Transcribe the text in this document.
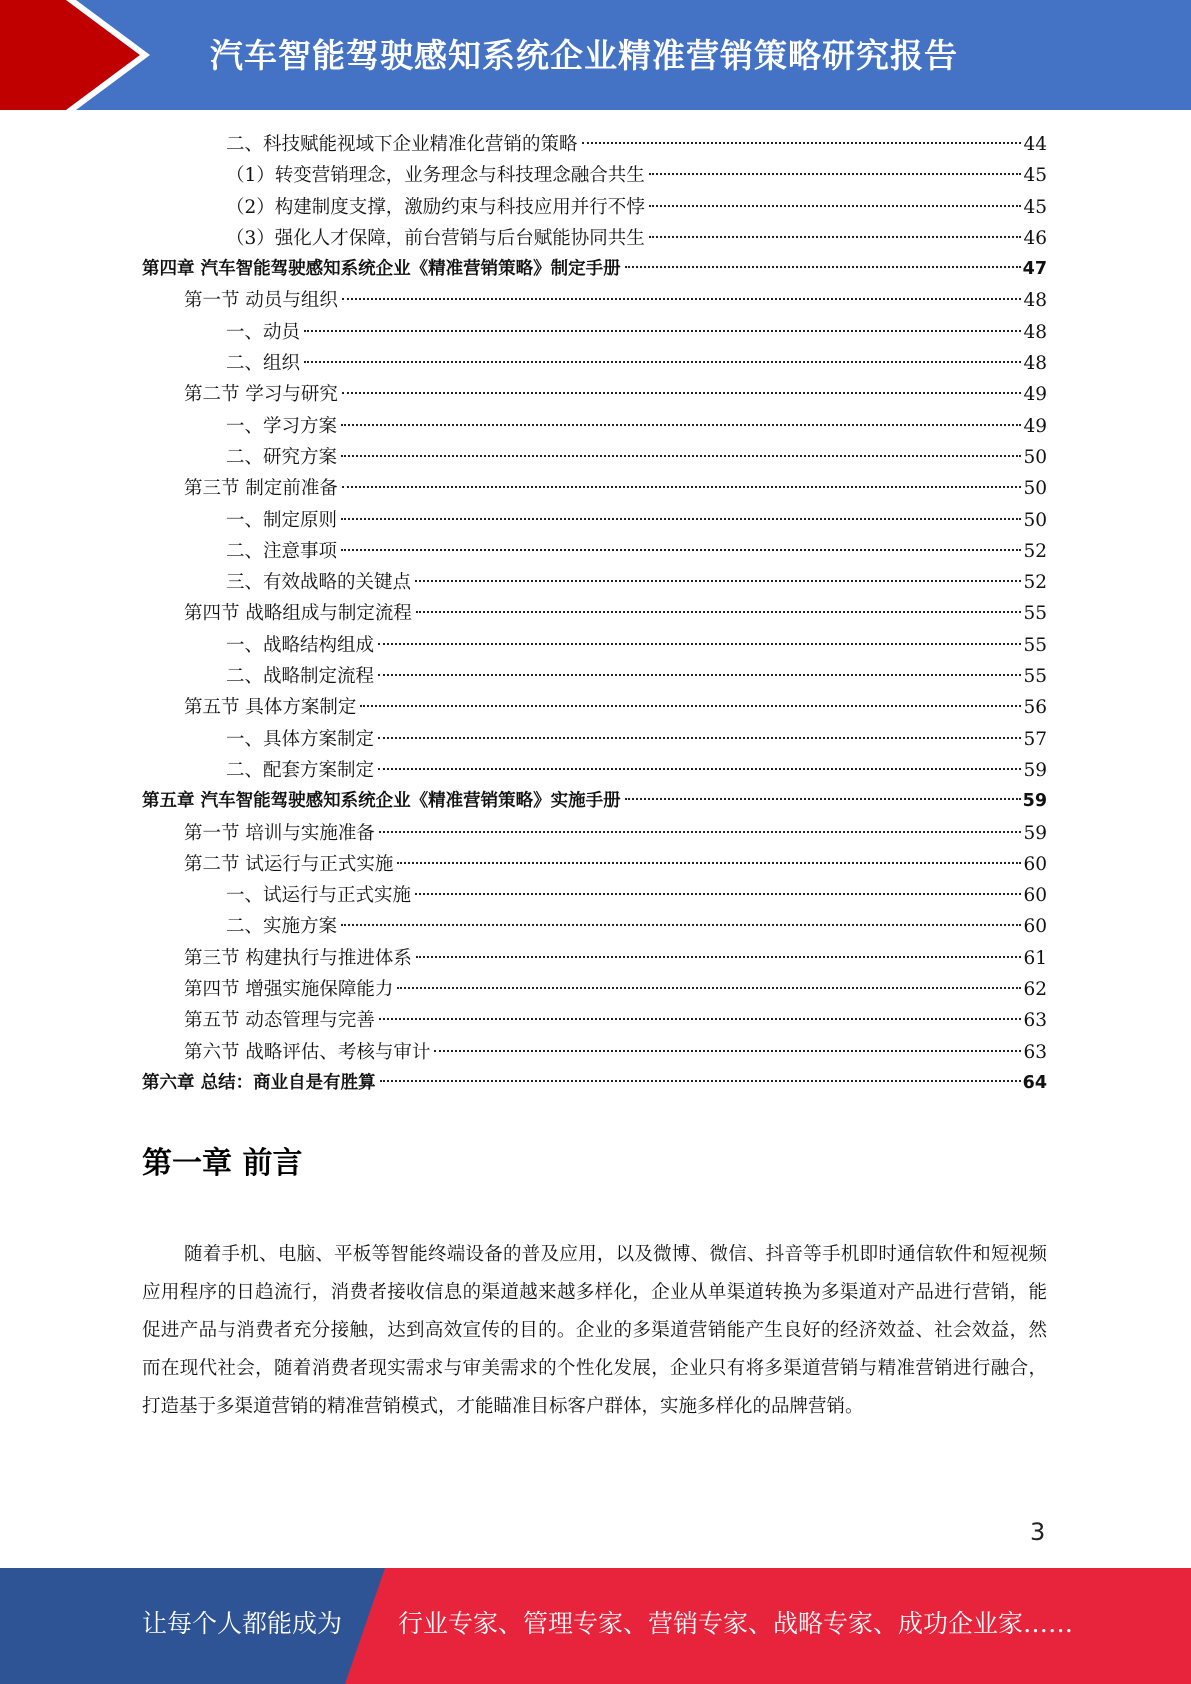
汽车智能驾驶感知系统企业精准营销策略研究报告
二、科技赋能视域下企业精准化营销的策略	44
（1）转变营销理念，业务理念与科技理念融合共生	45
（2）构建制度支撑，激励约束与科技应用并行不悖	45
（3）强化人才保障，前台营销与后台赋能协同共生	46
第四章 汽车智能驾驶感知系统企业《精准营销策略》制定手册	47
第一节 动员与组织	48
一、动员	48
二、组织	48
第二节 学习与研究	49
一、学习方案	49
二、研究方案	50
第三节 制定前准备	50
一、制定原则	50
二、注意事项	52
三、有效战略的关键点	52
第四节 战略组成与制定流程	55
一、战略结构组成	55
二、战略制定流程	55
第五节 具体方案制定	56
一、具体方案制定	57
二、配套方案制定	59
第五章 汽车智能驾驶感知系统企业《精准营销策略》实施手册	59
第一节 培训与实施准备	59
第二节 试运行与正式实施	60
一、试运行与正式实施	60
二、实施方案	60
第三节 构建执行与推进体系	61
第四节 增强实施保障能力	62
第五节 动态管理与完善	63
第六节 战略评估、考核与审计	63
第六章 总结：商业自是有胜算	64
第一章 前言
随着手机、电脑、平板等智能终端设备的普及应用，以及微博、微信、抖音等手机即时通信软件和短视频应用程序的日趋流行，消费者接收信息的渠道越来越多样化，企业从单渠道转换为多渠道对产品进行营销，能促进产品与消费者充分接触，达到高效宣传的目的。企业的多渠道营销能产生良好的经济效益、社会效益，然而在现代社会，随着消费者现实需求与审美需求的个性化发展，企业只有将多渠道营销与精准营销进行融合，打造基于多渠道营销的精准营销模式，才能瞄准目标客户群体，实施多样化的品牌营销。
3
让每个人都能成为 行业专家、管理专家、营销专家、战略专家、成功企业家……
